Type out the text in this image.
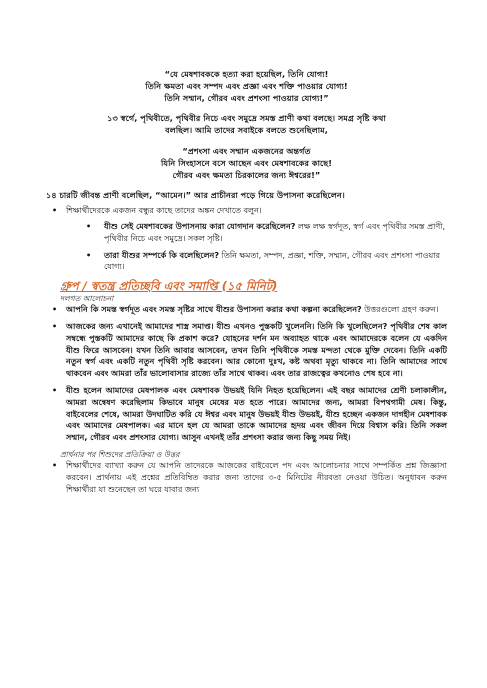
“যে মেষশাবককে হত্যা করা হয়েছিল, তিনি যোগ্য!
তিনি ক্ষমতা এবং সম্পদ এবং প্রজ্ঞা এবং শক্তি পাওয়ার যোগ্য!
তিনি সম্মান, গৌরব এবং প্রশংসা পাওয়ার যোগ্য!”
১৩ স্বর্গে, পৃথিবীতে, পৃথিবীর নিচে এবং সমুদ্রে সমস্ত প্রাণী কথা বলছে। সমগ্র সৃষ্টি কথা
বলছিল। আমি তাদের সবাইকে বলতে শুনেছিলাম,
“প্রশংসা এবং সম্মান একজনের অন্তর্গত
যিনি সিংহাসনে বসে আছেন এবং মেষশাবকের কাছে!
গৌরব এবং ক্ষমতা চিরকালের জন্য ঈশ্বরের!”
১৪ চারটি জীবন্ত প্রাণী বলেছিল, “আমেন।” আর প্রাচীনরা পড়ে গিয়ে উপাসনা করেছিলেন।
• শিক্ষার্থীদেরকে একজন বন্ধুর কাছে তাদের অঙ্কন দেখাতে বলুন।
• যীশু সেই মেষশাবকের উপাসনায় কারা যোগদান করেছিলেন? লক্ষ লক্ষ স্বর্গদূত, স্বর্গ এবং পৃথিবীর সমস্ত প্রাণী, পৃথিবীর নিচে এবং সমুদ্রে। সকল সৃষ্টি।
• তারা যীশুর সম্পর্কে কি বলেছিলেন? তিনি ক্ষমতা, সম্পদ, প্রজ্ঞা, শক্তি, সম্মান, গৌরব এবং প্রশংসা পাওয়ার যোগ্য।
গ্রুপ / স্বতন্ত্র প্রতিচ্ছবি এবং সমাপ্তি (১৫ মিনিট)
দলগত আলোচনা
• আপনি কি সমস্ত স্বর্গদূত এবং সমস্ত সৃষ্টির সাথে যীশুর উপাসনা করার কথা কল্পনা করেছিলেন? উত্তরগুলো গ্রহণ করুন।
• আজকের জন্য এখানেই আমাদের শাস্ত্র সমাপ্ত। যীশু এখনও পুস্তকটি খুলেননি। তিনি কি খুলেছিলেন? পৃথিবীর শেষ কাল সম্বন্ধে পুস্তকটি আমাদের কাছে কি প্রকাশ করে? যোহনের দর্শন মন অব্যাহত থাকে এবং আমাদেরকে বলেন যে একদিন যীশু ফিরে আসবেন। যখন তিনি আবার আসবেন, তখন তিনি পৃথিবীকে সমস্ত মন্দতা থেকে মুক্তি দেবেন। তিনি একটি নতুন স্বর্গ এবং একটি নতুন পৃথিবী সৃষ্টি করবেন। আর কোনো দুঃখ, কষ্ট অথবা মৃত্যু থাকবে না। তিনি আমাদের সাথে থাকবেন এবং আমরা তাঁর ভালোবাসার রাজ্যে তাঁর সাথে থাকব। এবং তার রাজত্বের কখনোও শেষ হবে না।
• যীশু হলেন আমাদের মেষপালক এবং মেষশাবক উভয়ই যিনি নিহত হয়েছিলেন। এই বছর আমাদের শ্রেণী চলাকালীন, আমরা অন্বেষণ করেছিলাম কিভাবে মানুষ মেষের মত হতে পারে। আমাদের জন্য, আমরা বিপথগামী মেষ। কিন্তু, বাইবেলের শেষে, আমরা উদঘাটিত করি যে ঈশ্বর এবং মানুষ উভয়ই যীশু উভয়ই, যীশু হচ্ছেন একজন দাগহীন মেষশাবক এবং আমাদের মেষপালক। এর মানে হল যে আমরা তাকে আমাদের হৃদয় এবং জীবন দিয়ে বিশ্বাস করি। তিনি সকল সম্মান, গৌরব এবং প্রশংসার যোগ্য। আসুন এখনই তাঁর প্রশংসা করার জন্য কিছু সময় নিই।
প্রার্থনার পর শিশুদের প্রতিক্রিয়া ও উত্তর
• শিক্ষার্থীদের ব্যাখ্যা করুন যে আপনি তাদেরকে আজকের বাইবেলে পদ এবং আলোচনার সাথে সম্পর্কিত প্রশ্ন জিজ্ঞাসা করবেন। প্রার্থনায় এই প্রশ্নের প্রতিবিম্বিত করার জন্য তাদের ৩-৫ মিনিটের নীরবতা নেওয়া উচিত। অনুধাবন করুন শিক্ষার্থীরা যা শুনেছেন তা ঘরে যাবার জন্য
